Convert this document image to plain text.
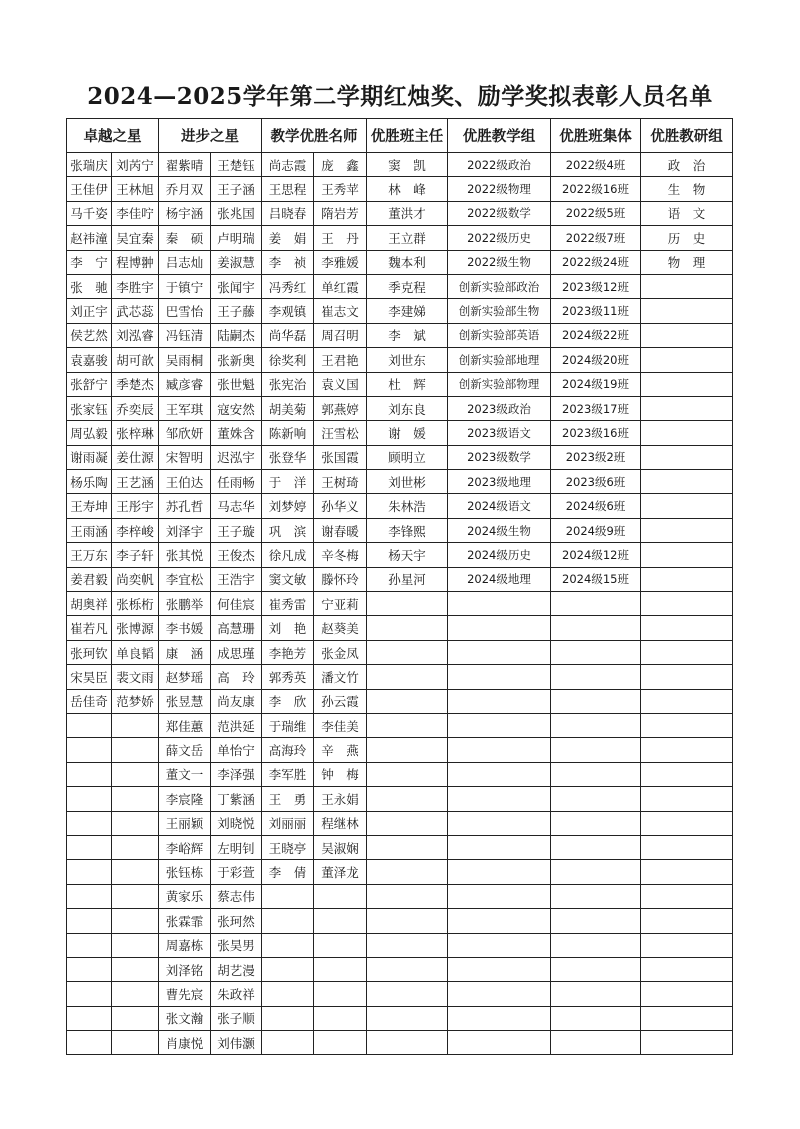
2024—2025学年第二学期红烛奖、励学奖拟表彰人员名单
卓越之星		进步之星		教学优胜名师		优胜班主任	优胜教学组	优胜班集体	优胜教研组
张瑞庆	刘芮宁	翟紫晴	王楚钰	尚志霞	庞　鑫	窦　凯	2022级政治	2022级4班	政　治
王佳伊	王林旭	乔月双	王子涵	王思程	王秀苹	林　峰	2022级物理	2022级16班	生　物
马千姿	李佳咛	杨宇涵	张兆国	吕晓春	隋岩芳	董洪才	2022级数学	2022级5班	语　文
赵祎潼	吴宜秦	秦　硕	卢明瑞	姜　娟	王　丹	王立群	2022级历史	2022级7班	历　史
李　宁	程博翀	吕志灿	姜淑慧	李　祯	李雅媛	魏本利	2022级生物	2022级24班	物　理
张　驰	李胜宇	于镇宁	张闻宇	冯秀红	单红霞	季克程	创新实验部政治	2023级12班	
刘正宇	武芯蕊	巴雪怡	王子藤	李观镇	崔志文	李建娣	创新实验部生物	2023级11班	
侯艺然	刘泓睿	冯钰清	陆嗣杰	尚华磊	周召明	李　斌	创新实验部英语	2024级22班	
袁嘉骏	胡可歆	吴雨桐	张新奥	徐奖利	王君艳	刘世东	创新实验部地理	2024级20班	
张舒宁	季楚杰	臧彦睿	张世魁	张宪治	袁义国	杜　辉	创新实验部物理	2024级19班	
张家钰	乔奕辰	王军琪	寇安然	胡美菊	郭燕婷	刘东良	2023级政治	2023级17班	
周弘毅	张梓琳	邹欣妍	董姝含	陈新响	汪雪松	谢　媛	2023级语文	2023级16班	
谢雨凝	姜仕源	宋智明	迟泓宇	张登华	张国霞	顾明立	2023级数学	2023级2班	
杨乐陶	王艺涵	王伯达	任雨畅	于　洋	王树琦	刘世彬	2023级地理	2023级6班	
王寿坤	王彤宇	苏孔哲	马志华	刘梦婷	孙华义	朱林浩	2024级语文	2024级6班	
王雨涵	李梓峻	刘泽宇	王子璇	巩　滨	谢春暖	李锋熙	2024级生物	2024级9班	
王万东	李子轩	张其悦	王俊杰	徐凡成	辛冬梅	杨天宇	2024级历史	2024级12班	
姜君毅	尚奕帆	李宜松	王浩宇	窦文敏	滕怀玲	孙星河	2024级地理	2024级15班	
胡奥祥	张栎桁	张鹏举	何佳宸	崔秀雷	宁亚莉				
崔若凡	张博源	李书媛	高慧珊	刘　艳	赵葵美				
张珂钦	单良韬	康　涵	成思瑾	李艳芳	张金凤				
宋昊臣	裴文雨	赵梦瑶	高　玲	郭秀英	潘文竹				
岳佳奇	范梦娇	张昱慧	尚友康	李　欣	孙云霞				
		郑佳蕙	范洪延	于瑞维	李佳美				
		薛文岳	单怡宁	高海玲	辛　燕				
		董文一	李泽强	李军胜	钟　梅				
		李宸隆	丁紫涵	王　勇	王永娟				
		王丽颖	刘晓悦	刘丽丽	程继林				
		李峪辉	左明钊	王晓亭	吴淑娴				
		张钰栋	于彩萱	李　倩	董泽龙				
		黄家乐	蔡志伟						
		张霖霏	张珂然						
		周嘉栋	张昊男						
		刘泽铭	胡艺漫						
		曹先宸	朱政祥						
		张文瀚	张子顺						
		肖康悦	刘伟灏						
